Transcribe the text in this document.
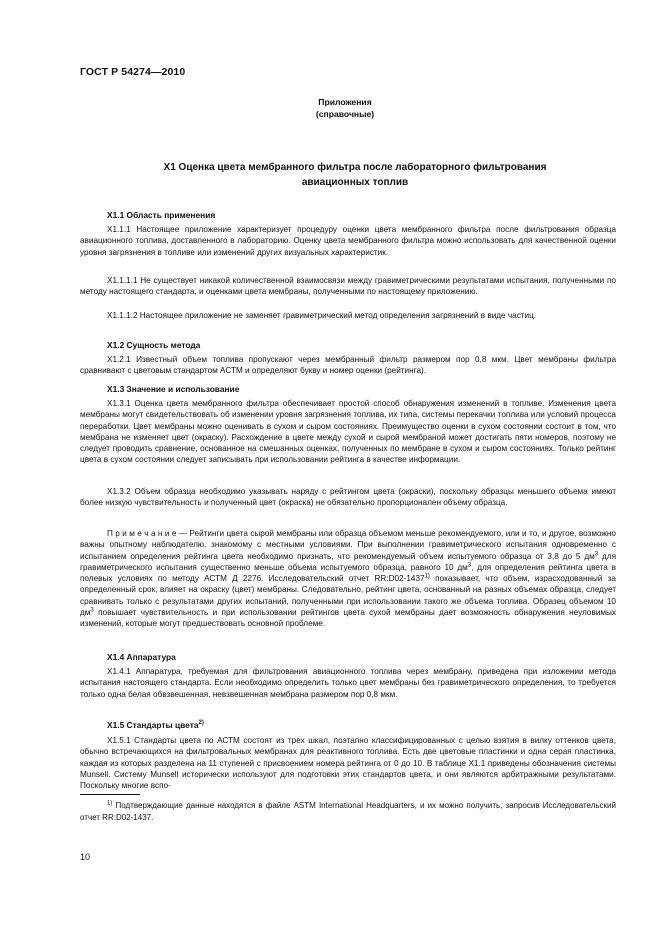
ГОСТ Р 54274—2010
Приложения
(справочные)
X1 Оценка цвета мембранного фильтра после лабораторного фильтрования
авиационных топлив
X1.1 Область применения
X1.1.1 Настоящее приложение характеризует процедуру оценки цвета мембранного фильтра после фильтрования образца авиационного топлива, доставленного в лабораторию. Оценку цвета мембранного фильтра можно использовать для качественной оценки уровня загрязнения в топливе или изменений других визуальных характеристик.
X1.1.1.1 Не существует никакой количественной взаимосвязи между гравиметрическими результатами испытания, полученными по методу настоящего стандарта, и оценками цвета мембраны, полученными по настоящему приложению.
X1.1.1.2 Настоящее приложение не заменяет гравиметрический метод определения загрязнений в виде частиц.
X1.2 Сущность метода
X1.2.1 Известный объем топлива пропускают через мембранный фильтр размером пор 0,8 мкм. Цвет мембраны фильтра сравнивают с цветовым стандартом АСТМ и определяют букву и номер оценки (рейтинга).
X1.3 Значение и использование
X1.3.1 Оценка цвета мембранного фильтра обеспечивает простой способ обнаружения изменений в топливе. Изменения цвета мембраны могут свидетельствовать об изменении уровня загрязнения топлива, их типа, системы перекачки топлива или условий процесса переработки. Цвет мембраны можно оценивать в сухом и сыром состояниях. Преимущество оценки в сухом состоянии состоит в том, что мембрана не изменяет цвет (окраску). Расхождение в цвете между сухой и сырой мембраной может достигать пяти номеров, поэтому не следует проводить сравнение, основанное на смешанных оценках, полученных по мембране в сухом и сыром состояниях. Только рейтинг цвета в сухом состоянии следует записывать при использовании рейтинга в качестве информации.
X1.3.2 Объем образца необходимо указывать наряду с рейтингом цвета (окраски), поскольку образцы меньшего объема имеют более низкую чувствительность и полученный цвет (окраска) не обязательно пропорционален объему образца.
П р и м е ч а н и е — Рейтинги цвета сырой мембраны или образца объемом меньше рекомендуемого, или и то, и другое, возможно важны опытному наблюдателю, знакомому с местными условиями. При выполнении гравиметрического испытания одновременно с испытанием определения рейтинга цвета необходимо признать, что рекомендуемый объем испытуемого образца от 3,8 до 5 $дм^3$ для гравиметрического испытания существенно меньше объема испытуемого образца, равного 10 $дм^3$, для определения рейтинга цвета в полевых условиях по методу АСТМ Д 2276. Исследовательский отчет RR:D02-1437$^{1)}$ показывает, что объем, израсходованный за определенный срок, влияет на окраску (цвет) мембраны. Следовательно, рейтинг цвета, основанный на разных объемах образца, следует сравнивать только с результатами других испытаний, полученными при использовании такого же объема топлива. Образец объемом 10 $дм^3$ повышает чувствительность и при использовании рейтингов цвета сухой мембраны дает возможность обнаружения неуловимых изменений, которые могут предшествовать основной проблеме.
X1.4 Аппаратура
X1.4.1 Аппаратура, требуемая для фильтрования авиационного топлива через мембрану, приведена при изложении метода испытания настоящего стандарта. Если необходимо определить только цвет мембраны без гравиметрического определения, то требуется только одна белая обвзвешенная, невзвешенная мембрана размером пор 0,8 мкм.
X1.5 Стандарты цвета$^{2)}$
X1.5.1 Стандарты цвета по АСТМ состоят из трех шкал, поэтапно классифицированных с целью взятия в вилку оттенков цвета, обычно встречающихся на фильтровальных мембранах для реактивного топлива. Есть две цветовые пластинки и одна серая пластинка, каждая из которых разделена на 11 ступеней с присвоением номера рейтинга от 0 до 10. В таблице X1.1 приведены обозначения системы Munsell. Систему Munsell исторически используют для подготовки этих стандартов цвета, и они являются арбитражными результатами. Поскольку многие вспо-
$^{1)}$ Подтверждающие данные находятся в файле ASTM International Headquarters, и их можно получить, запросив Исследовательский отчет RR:D02-1437.
10
